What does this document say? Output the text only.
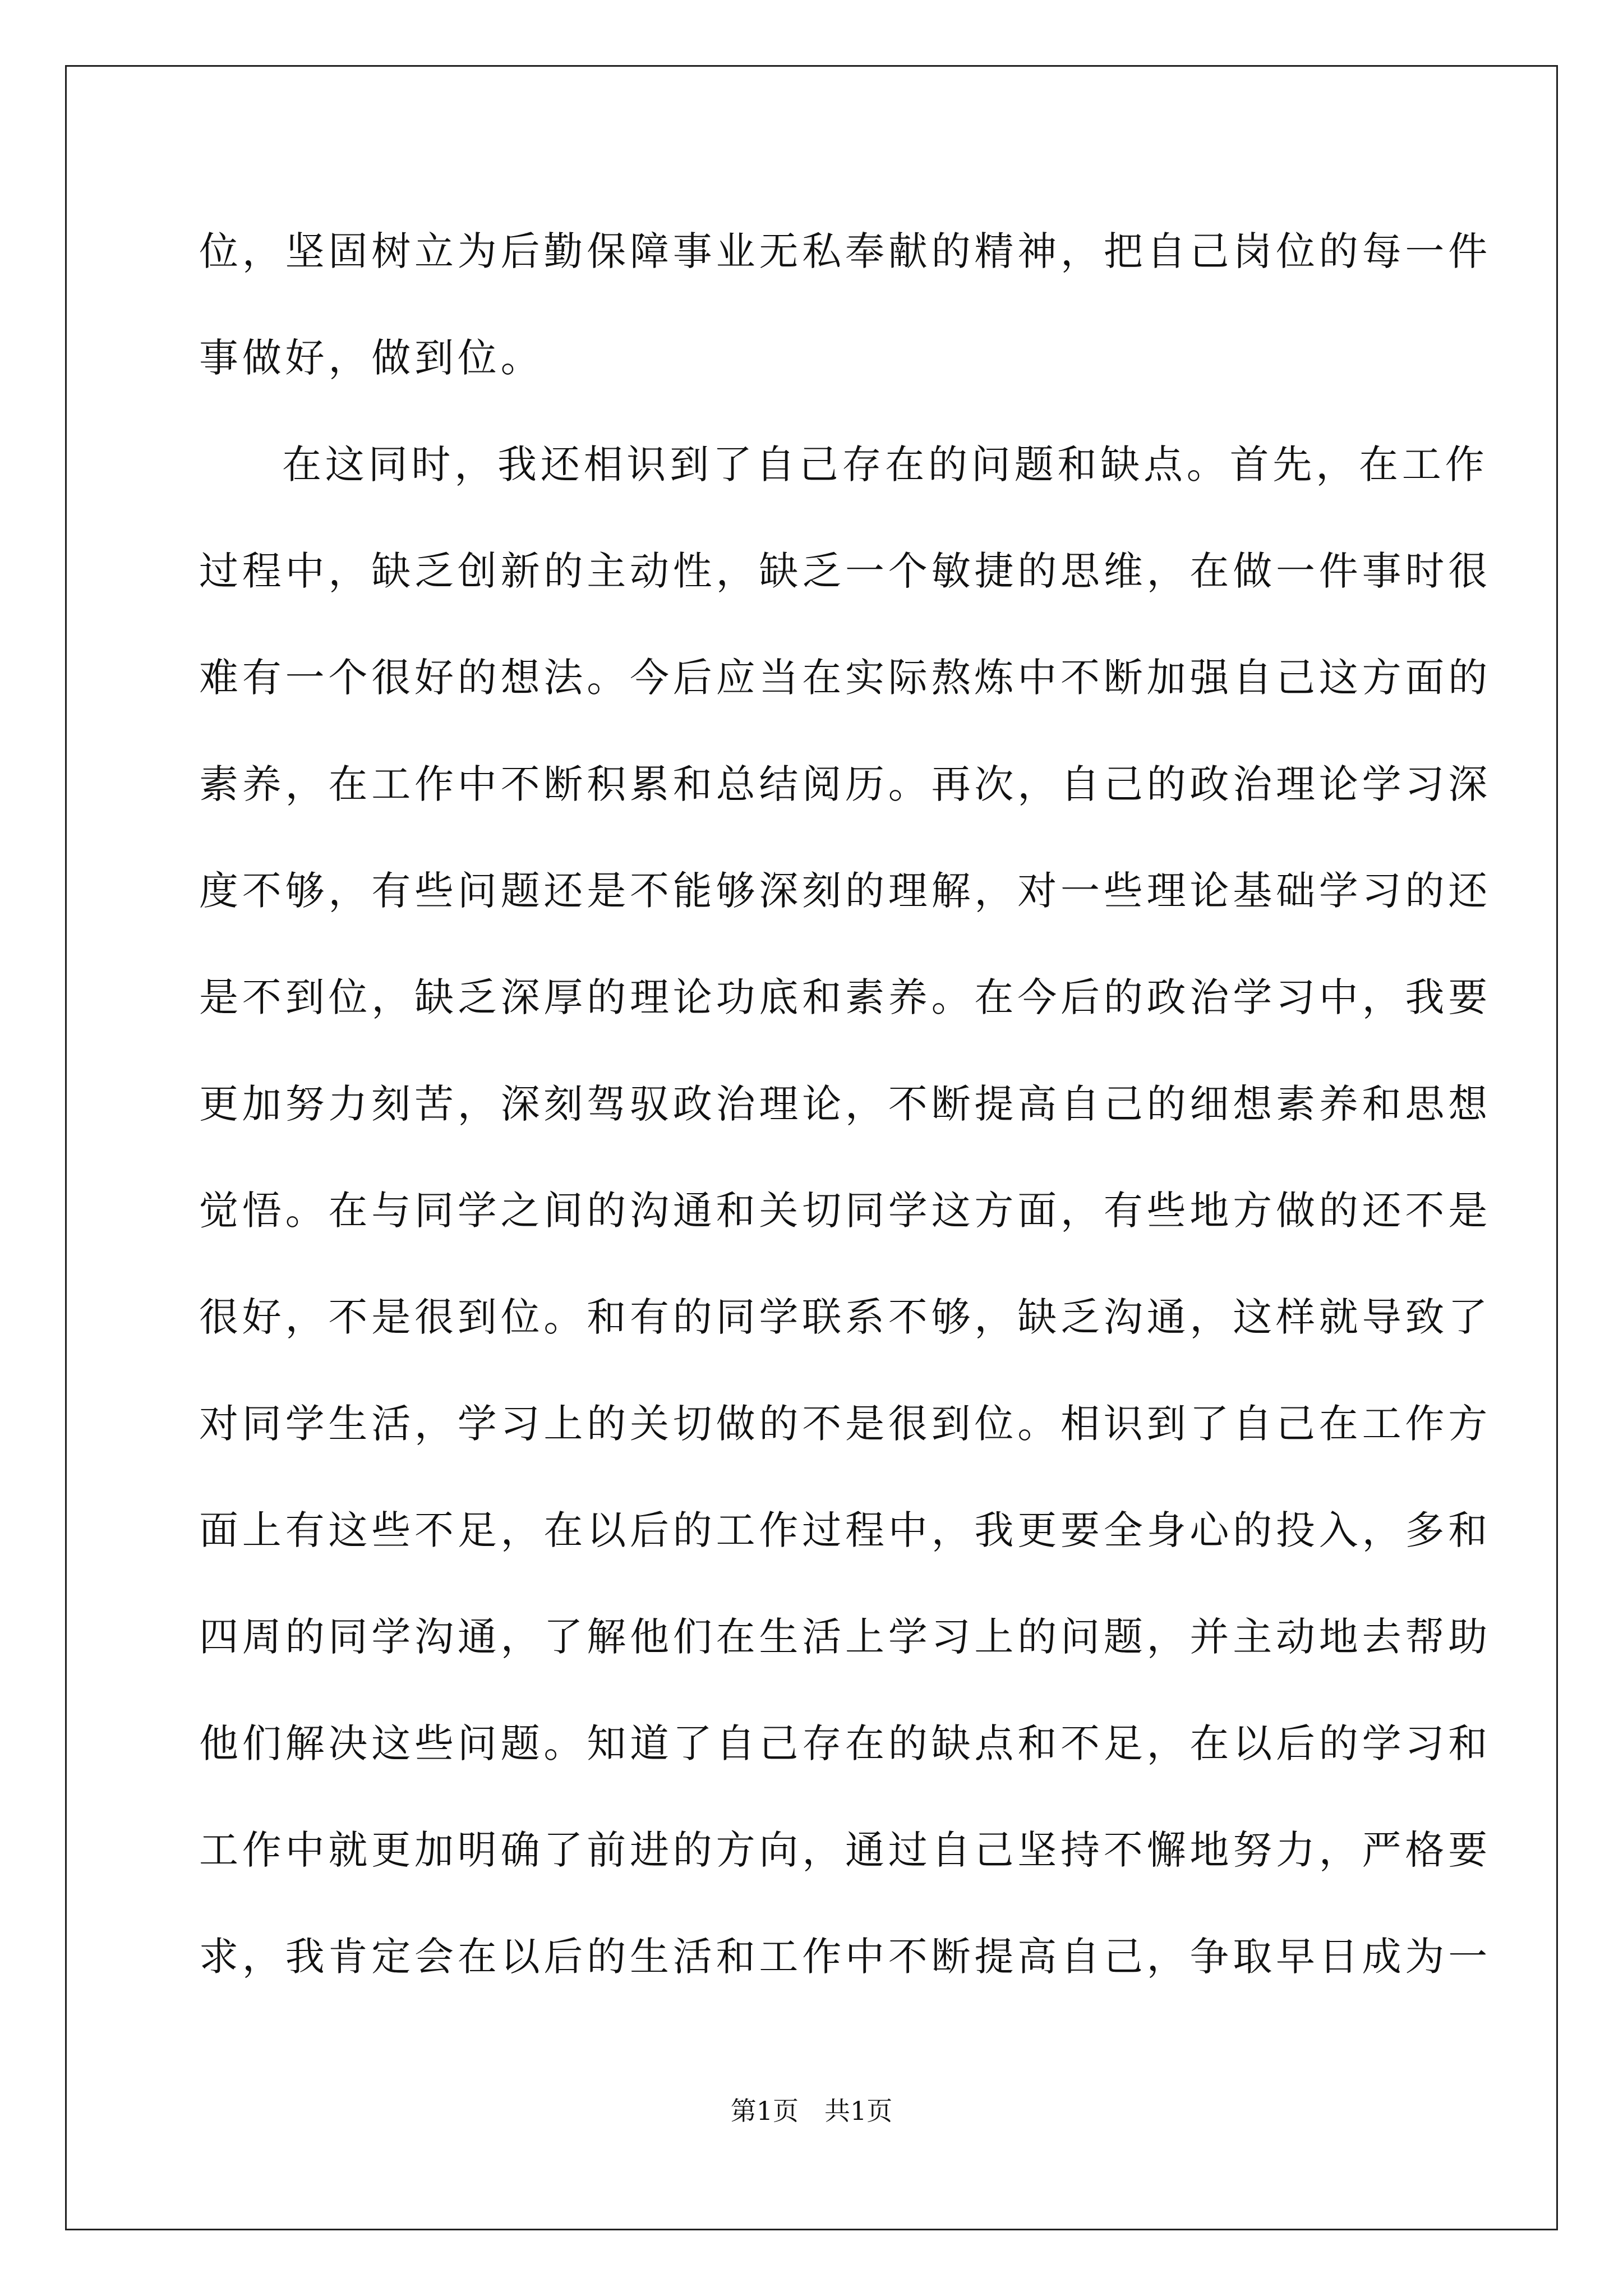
位，坚固树立为后勤保障事业无私奉献的精神，把自己岗位的每一件
事做好，做到位。
在这同时，我还相识到了自己存在的问题和缺点。首先，在工作
过程中，缺乏创新的主动性，缺乏一个敏捷的思维，在做一件事时很
难有一个很好的想法。今后应当在实际熬炼中不断加强自己这方面的
素养，在工作中不断积累和总结阅历。再次，自己的政治理论学习深
度不够，有些问题还是不能够深刻的理解，对一些理论基础学习的还
是不到位，缺乏深厚的理论功底和素养。在今后的政治学习中，我要
更加努力刻苦，深刻驾驭政治理论，不断提高自己的细想素养和思想
觉悟。在与同学之间的沟通和关切同学这方面，有些地方做的还不是
很好，不是很到位。和有的同学联系不够，缺乏沟通，这样就导致了
对同学生活，学习上的关切做的不是很到位。相识到了自己在工作方
面上有这些不足，在以后的工作过程中，我更要全身心的投入，多和
四周的同学沟通，了解他们在生活上学习上的问题，并主动地去帮助
他们解决这些问题。知道了自己存在的缺点和不足，在以后的学习和
工作中就更加明确了前进的方向，通过自己坚持不懈地努力，严格要
求，我肯定会在以后的生活和工作中不断提高自己，争取早日成为一
第1页　共1页
